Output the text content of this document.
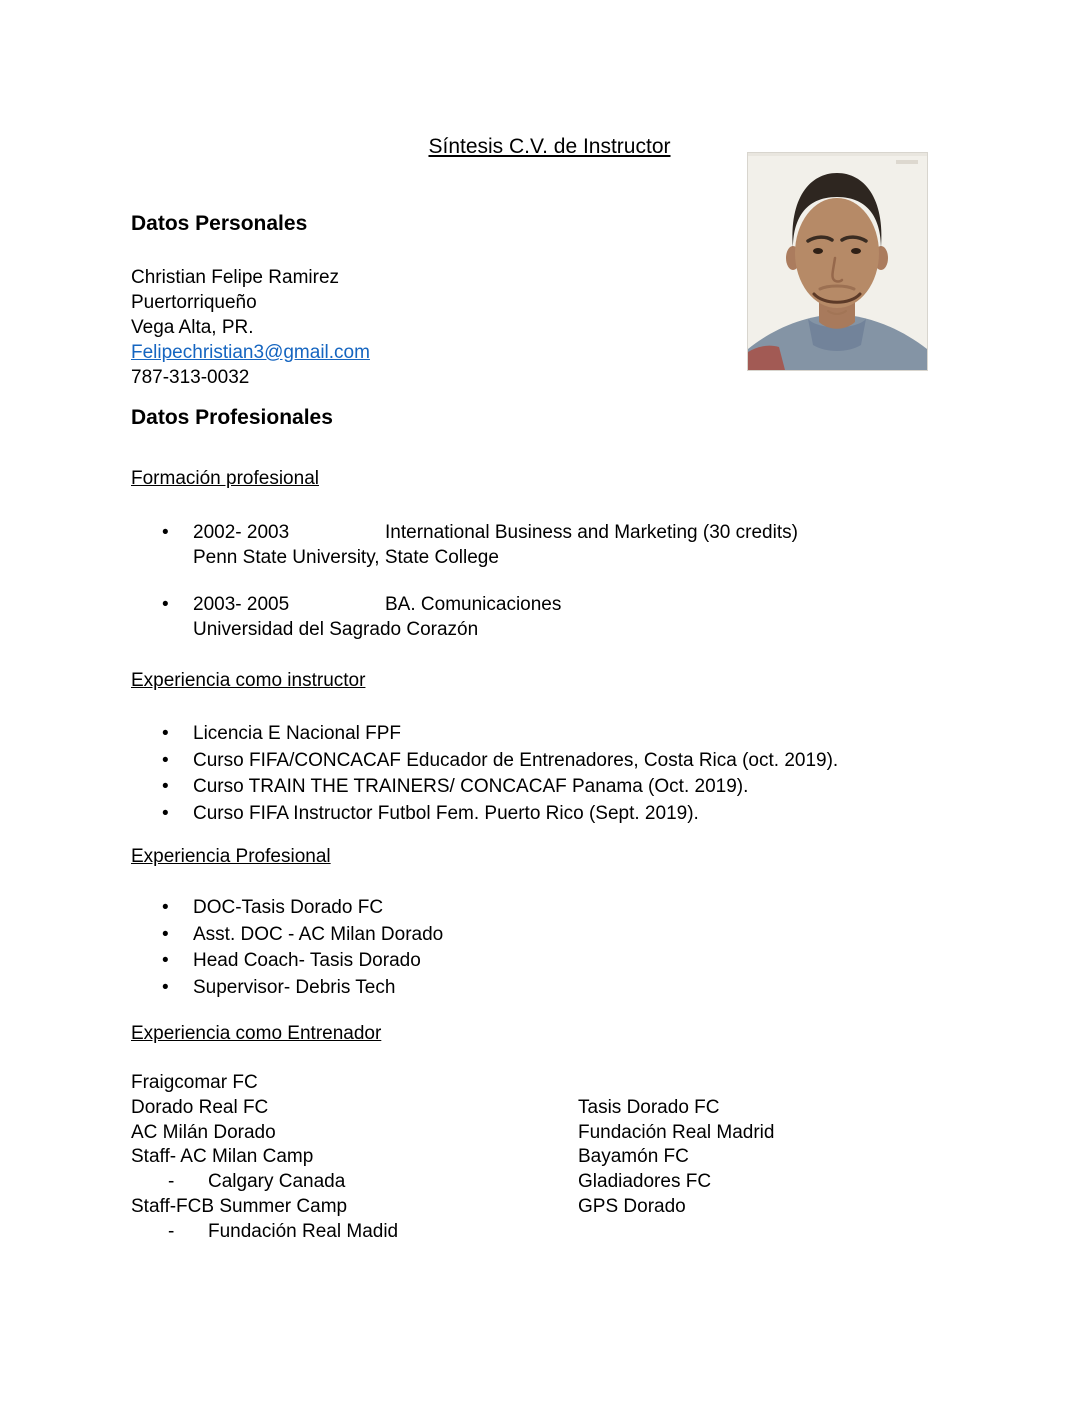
Síntesis C.V. de Instructor
Datos Personales
Christian Felipe Ramirez
Puertorriqueño
Vega Alta, PR.
Felipechristian3@gmail.com
787-313-0032
Datos Profesionales
Formación profesional
• 2002- 2003	International Business and Marketing (30 credits)
Penn State University, State College
• 2003- 2005	BA. Comunicaciones
Universidad del Sagrado Corazón
Experiencia como instructor
• Licencia E Nacional FPF
• Curso FIFA/CONCACAF Educador de Entrenadores, Costa Rica (oct. 2019).
• Curso TRAIN THE TRAINERS/ CONCACAF Panama (Oct. 2019).
• Curso FIFA Instructor Futbol Fem. Puerto Rico (Sept. 2019).
Experiencia Profesional
• DOC-Tasis Dorado FC
• Asst. DOC - AC Milan Dorado
• Head Coach- Tasis Dorado
• Supervisor- Debris Tech
Experiencia como Entrenador
Fraigcomar FC
Dorado Real FC
AC Milán Dorado
Staff- AC Milan Camp
- Calgary Canada
Staff-FCB Summer Camp
- Fundación Real Madid
Tasis Dorado FC
Fundación Real Madrid
Bayamón FC
Gladiadores FC
GPS Dorado
